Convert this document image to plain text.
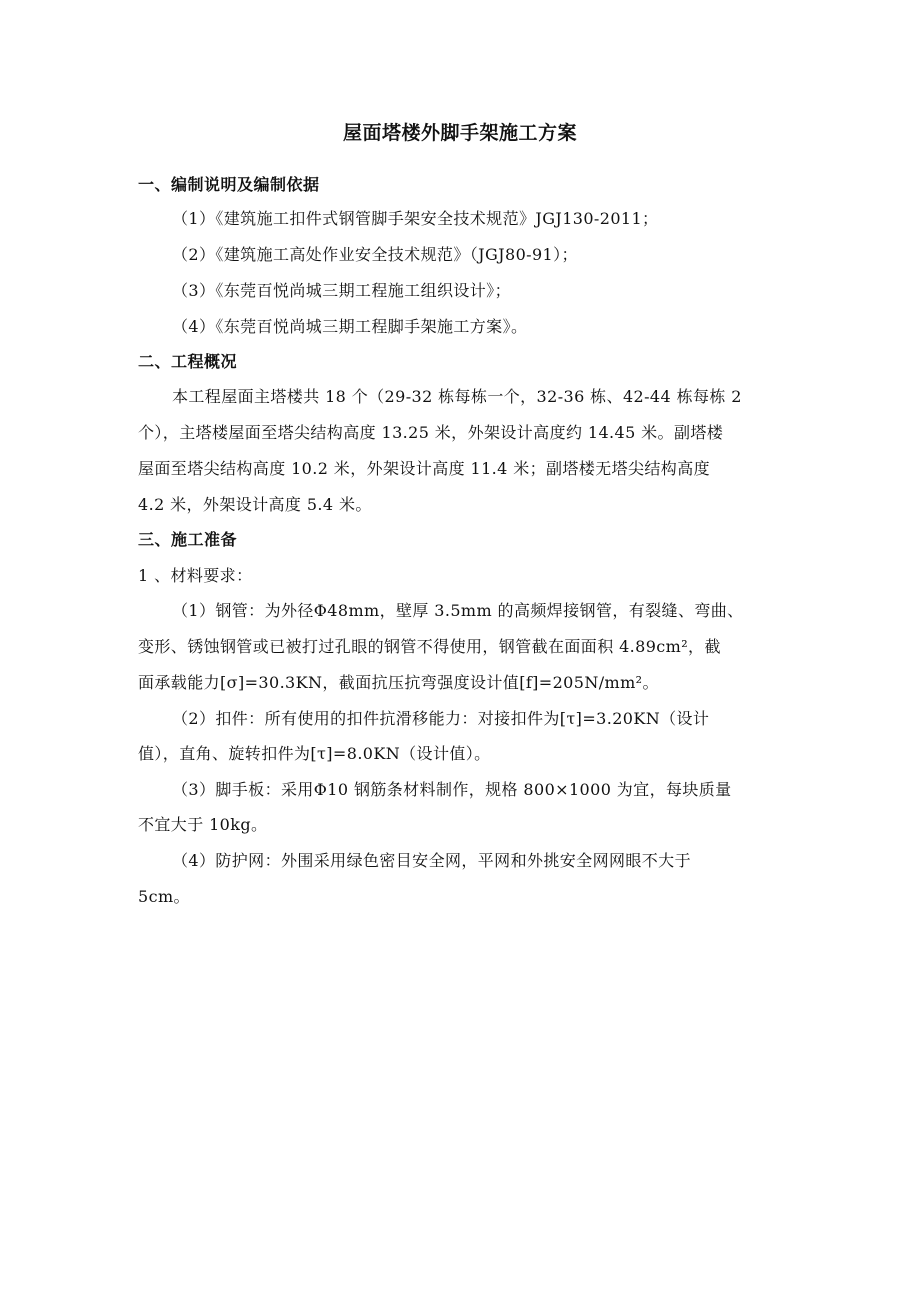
屋面塔楼外脚手架施工方案
一、编制说明及编制依据
（1）《建筑施工扣件式钢管脚手架安全技术规范》JGJ130-2011；
（2）《建筑施工高处作业安全技术规范》（JGJ80-91）；
（3）《东莞百悦尚城三期工程施工组织设计》；
（4）《东莞百悦尚城三期工程脚手架施工方案》。
二、工程概况
本工程屋面主塔楼共 18 个（29-32 栋每栋一个，32-36 栋、42-44 栋每栋 2
个），主塔楼屋面至塔尖结构高度 13.25 米，外架设计高度约 14.45 米。副塔楼
屋面至塔尖结构高度 10.2 米，外架设计高度 11.4 米；副塔楼无塔尖结构高度
4.2 米，外架设计高度 5.4 米。
三、施工准备
1 、材料要求：
（1）钢管：为外径Φ48mm，壁厚 3.5mm 的高频焊接钢管，有裂缝、弯曲、
变形、锈蚀钢管或已被打过孔眼的钢管不得使用，钢管截在面面积 4.89cm²，截
面承载能力[σ]=30.3KN，截面抗压抗弯强度设计值[f]=205N/mm²。
（2）扣件：所有使用的扣件抗滑移能力：对接扣件为[τ]=3.20KN（设计
值），直角、旋转扣件为[τ]=8.0KN（设计值）。
（3）脚手板：采用Φ10 钢筋条材料制作，规格 800×1000 为宜，每块质量
不宜大于 10kg。
（4）防护网：外围采用绿色密目安全网，平网和外挑安全网网眼不大于
5cm。
